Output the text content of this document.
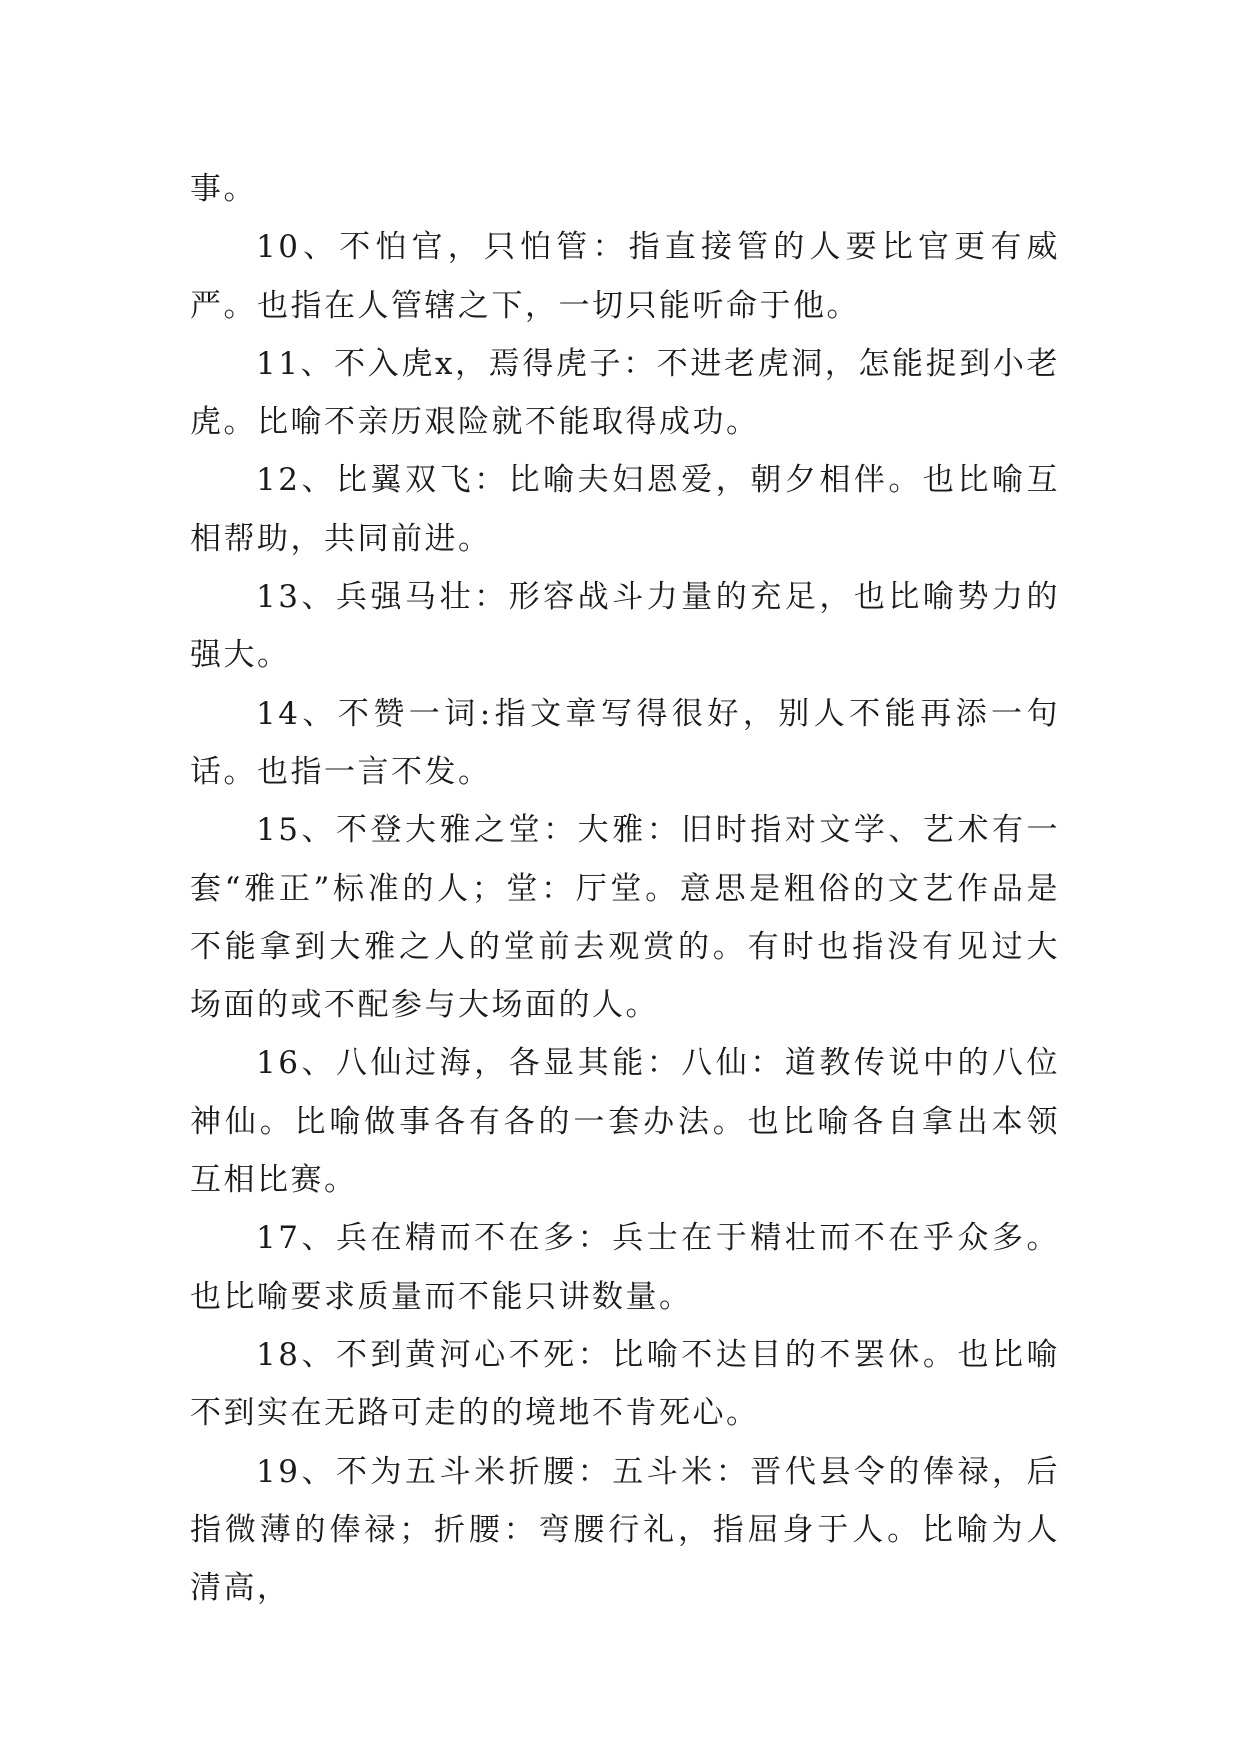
事。

10、不怕官，只怕管：指直接管的人要比官更有威严。也指在人管辖之下，一切只能听命于他。

11、不入虎x，焉得虎子：不进老虎洞，怎能捉到小老虎。比喻不亲历艰险就不能取得成功。

12、比翼双飞：比喻夫妇恩爱，朝夕相伴。也比喻互相帮助，共同前进。

13、兵强马壮：形容战斗力量的充足，也比喻势力的强大。

14、不赞一词:指文章写得很好，别人不能再添一句话。也指一言不发。

15、不登大雅之堂：大雅：旧时指对文学、艺术有一套“雅正”标准的人；堂：厅堂。意思是粗俗的文艺作品是不能拿到大雅之人的堂前去观赏的。有时也指没有见过大场面的或不配参与大场面的人。

16、八仙过海，各显其能：八仙：道教传说中的八位神仙。比喻做事各有各的一套办法。也比喻各自拿出本领互相比赛。

17、兵在精而不在多：兵士在于精壮而不在乎众多。也比喻要求质量而不能只讲数量。

18、不到黄河心不死：比喻不达目的不罢休。也比喻不到实在无路可走的的境地不肯死心。

19、不为五斗米折腰：五斗米：晋代县令的俸禄，后指微薄的俸禄；折腰：弯腰行礼，指屈身于人。比喻为人清高，
